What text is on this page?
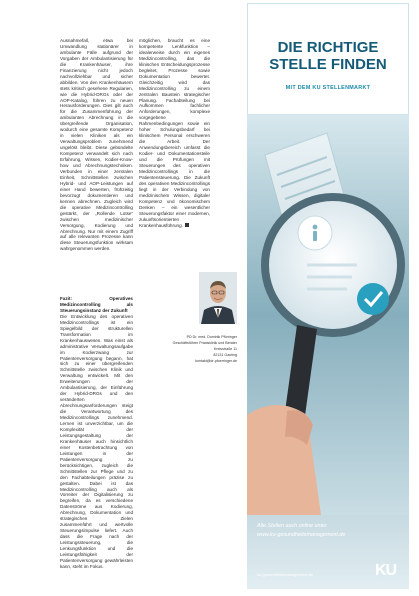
Ausnahmefall, etwa bei Umwandlung stationärer in ambulante Fälle aufgrund der Vorgaben der Ambulantisierung für die Krankenhäuser, ihre Finanzierung nicht jedoch nachvollziehbar und sicher abbilden. Von den Krankenhäusern stets kritisch gesehene Regularien, wie die Hybrid-DRGs oder der AOP-Katalog, führen zu neuen Herausforderungen. Dies gilt auch für die Zusammenführung der ambulanten Abrechnung in die übergreifende Organisation, wodurch eine gesamte Kompetenz in vielen Kliniken als ein Verwaltungsproblem zunehmend ungelöst bleibt. Diese gebündelte Kompetenz verwandelt sich nach Erfahrung, Wissen, Kodier-Know-how und Abrechnungstechniken. Verbunden in einer zentralen Einheit, Schnittstellen zwischen Hybrid- und AOP-Leistungen auf einer Hand bewerten, frühzeitig bevorzugt dokumentieren und kennen abrechnen. Zugleich wird die operative Medizincontrolling gestärkt, der „Rollende Lotse“ zwischen medizinischer Versorgung, Kodierung und Abrechnung. Nur mit einem Zugriff auf alle relevanten Prozesse kann diese Steuerungsfunktion wirksam wahrgenommen werden.

möglichen, braucht es eine kompetente Lenkfunktion – idealerweise durch ein eigenes Medizincontrolling, das die klinischen Entscheidungsprozesse begleitet, Prozesse sowie Dokumentation bewertet. Gleichzeitig wird das Medizincontrolling zu einem zentralen Baustein strategischer Planung. Fachabteilung bei Aufkommen fachlicher Anforderungen, komplexe vorgegebene Rahmenbedingungen sowie ein hoher Schulungsbedarf bei klinischem Personal erschweren die Arbeit. Der Anwendungsbereich umfasst die Kodier- und Dokumentationsteile und die Prüfungen mit Steuerungen des operativen Medizincontrollings in die Patientensteuerung. Die Zukunft des operativen Medizincontrollings liegt in der Verbindung von medizinischem Wissen, digitaler Kompetenz und ökonomischem Denken – ein wesentlicher Steuerungsfaktor einer modernen, zukunftsorientierten Krankenhausführung.

PD Dr. med. Dominik Pförringer
Geschäftsführer Praxisklinik und Berater
Kreisstraße 11
82131 Gauting
kontakt@dr-pfoerringer.de

Fazit: Operatives Medizincontrolling als Steuerungsinstanz der Zukunft

Die Entwicklung des operativen Medizincontrollings ist ein Spiegelbild der strukturellen Transformation im Krankenhauswesen. Was einst als administrative Verwaltungsaufgabe im Kodierzwang zur Patientenversorgung begann, hat sich zu einer übergreifenden Schnittstelle zwischen Klinik und Verwaltung entwickelt. Mit den Erweiterungen der Ambulantisierung, der Einführung der Hybrid-DRGs und den veränderten Abrechnungsanforderungen steigt die Verantwortung des Medizincontrollings zunehmend. Lernen ist unverzichtbar, um die Komplexität der Leistungsgestaltung der Krankenhäuser auch hinsichtlich einer Kostenbetrachtung von Leistungen in der Patientenversorgung zu berücksichtigen, zugleich die Schnittstellen zur Pflege und zu den Fachabteilungen präzise zu gestalten. Dabei ist das Medizincontrolling auch als Vorreiter der Digitalisierung zu begreifen, da es verschiedene Datenströme aus Kodierung, Abrechnung, Dokumentation und strategischen Zielen zusammenführt und wertvolle Steuerungsimpulse liefert. Auch dass die Frage nach der Leistungssteuerung, die Lenkungsfunktion und die Leistungsfähigkeit der Patientenversorgung gewährleisten kann, steht im Fokus.

DIE RICHTIGE
STELLE FINDEN
MIT DEM KU STELLENMARKT
Alle Stellen auch online unter
www.ku-gesundheitsmanagement.de
ku-gesundheitsmanagement.de	KU
